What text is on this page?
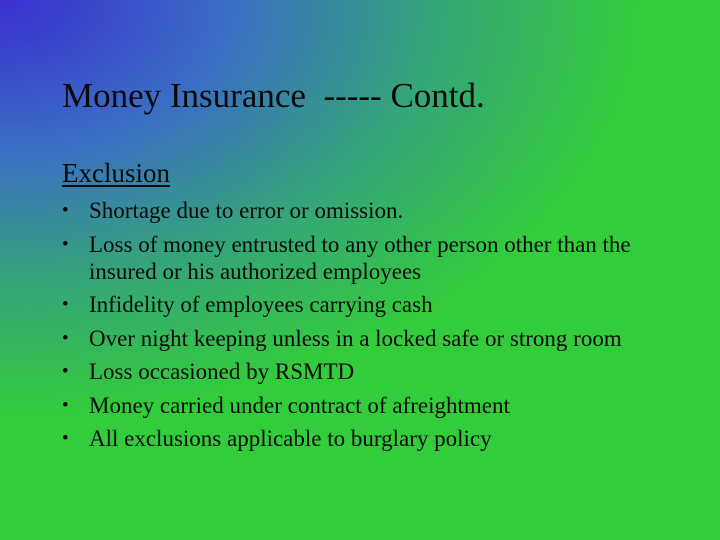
Money Insurance  ----- Contd.
Exclusion
• Shortage due to error or omission.
• Loss of money entrusted to any other person other than the insured or his authorized employees
• Infidelity of employees carrying cash
• Over night keeping unless in a locked safe or strong room
• Loss occasioned by RSMTD
• Money carried under contract of afreightment
• All exclusions applicable to burglary policy
